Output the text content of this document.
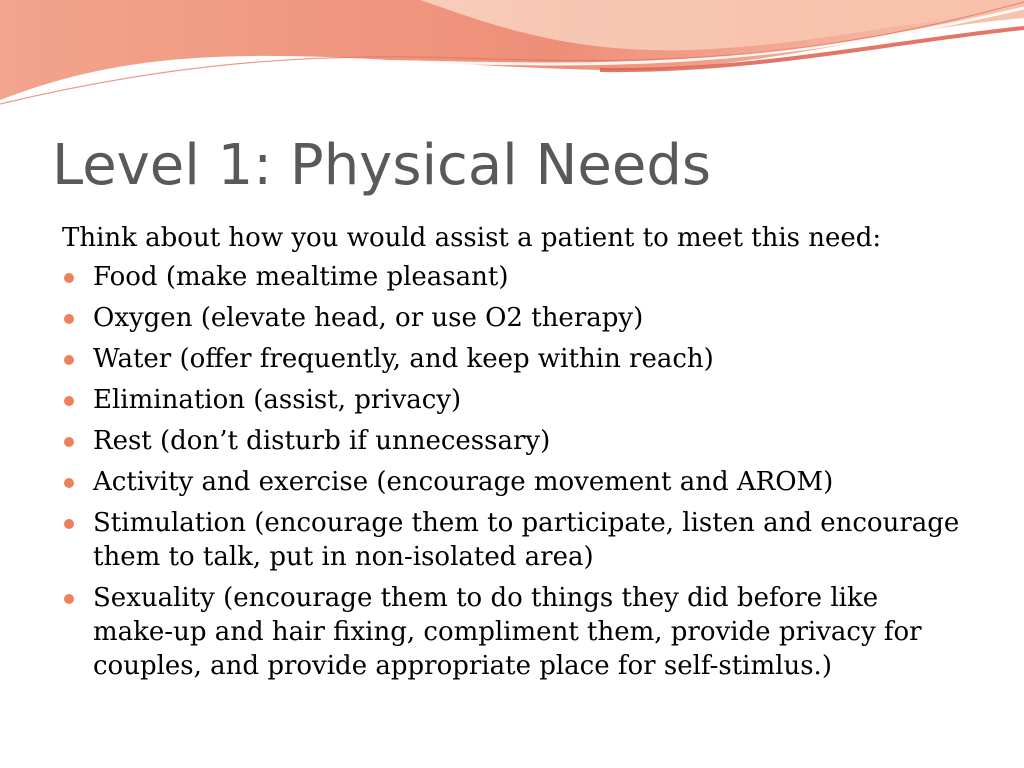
Level 1: Physical Needs

Think about how you would assist a patient to meet this need:

Food (make mealtime pleasant)
Oxygen (elevate head, or use O2 therapy)
Water (offer frequently, and keep within reach)
Elimination (assist, privacy)
Rest (don’t disturb if unnecessary)
Activity and exercise (encourage movement and AROM)
Stimulation (encourage them to participate, listen and encourage them to talk, put in non-isolated area)
Sexuality (encourage them to do things they did before like make-up and hair fixing, compliment them, provide privacy for couples, and provide appropriate place for self-stimlus.)
